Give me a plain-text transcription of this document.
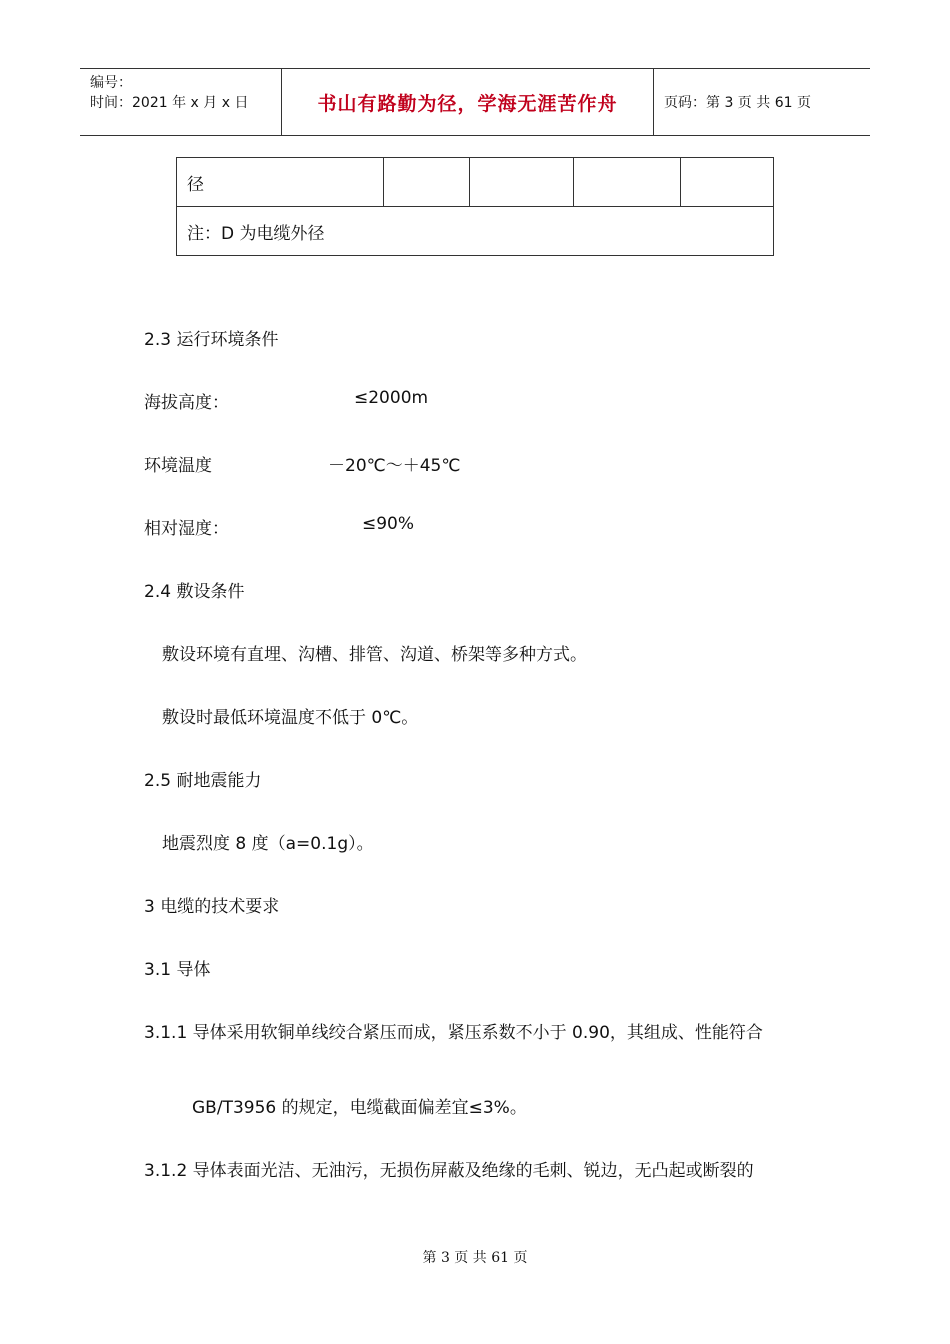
编号：
时间：2021 年 x 月 x 日	书山有路勤为径，学海无涯苦作舟	页码：第 3 页 共 61 页
径				
注：D 为电缆外径
2.3 运行环境条件
海拔高度：	≤2000m
环境温度	－20℃～＋45℃
相对湿度：	≤90%
2.4 敷设条件
敷设环境有直埋、沟槽、排管、沟道、桥架等多种方式。
敷设时最低环境温度不低于 0℃。
2.5 耐地震能力
地震烈度 8 度（a=0.1g）。
3 电缆的技术要求
3.1 导体
3.1.1 导体采用软铜单线绞合紧压而成，紧压系数不小于 0.90，其组成、性能符合
GB/T3956 的规定，电缆截面偏差宜≤3%。
3.1.2 导体表面光洁、无油污，无损伤屏蔽及绝缘的毛刺、锐边，无凸起或断裂的
第 3 页 共 61 页
